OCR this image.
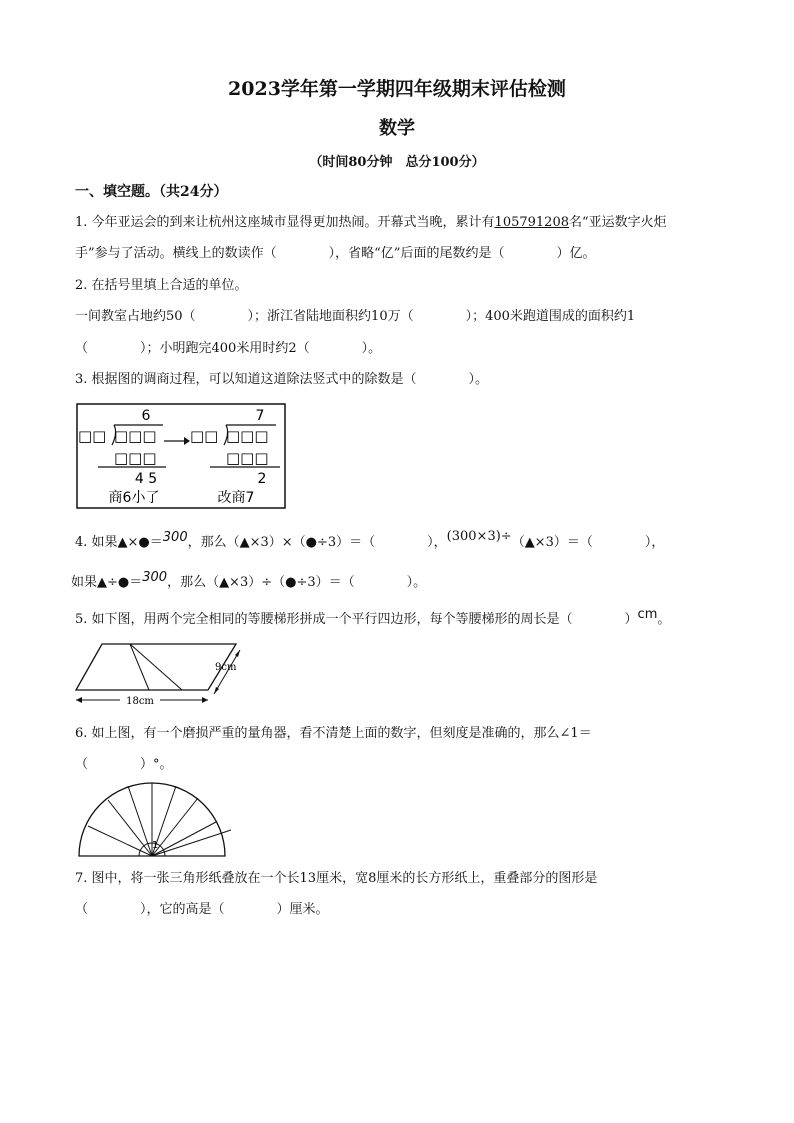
2023学年第一学期四年级期末评估检测
数学
（时间80分钟　总分100分）
一、填空题。（共24分）
1. 今年亚运会的到来让杭州这座城市显得更加热闹。开幕式当晚，累计有105791208名“亚运数字火炬
手”参与了活动。横线上的数读作（　　　　），省略“亿”后面的尾数约是（　　　　）亿。
2. 在括号里填上合适的单位。
一间教室占地约50（　　　　）；浙江省陆地面积约10万（　　　　）；400米跑道围成的面积约1
（　　　　）；小明跑完400米用时约2（　　　　）。
3. 根据图的调商过程，可以知道这道除法竖式中的除数是（　　　　）。
6
□□ □□□
□□□
4 5
7
□□ □□□
□□□
2
商6小了	改商7
4. 如果▲×●＝300，那么（▲×3）×（●÷3）＝（　　　　），(300×3)÷（▲×3）＝（　　　　），
如果▲÷●＝300，那么（▲×3）÷（●÷3）＝（　　　　）。
5. 如下图，用两个完全相同的等腰梯形拼成一个平行四边形，每个等腰梯形的周长是（　　　　）cm。
9cm
18cm
6. 如上图，有一个磨损严重的量角器，看不清楚上面的数字，但刻度是准确的，那么∠1＝
（　　　　）°。
1
7. 图中，将一张三角形纸叠放在一个长13厘米，宽8厘米的长方形纸上，重叠部分的图形是
（　　　　），它的高是（　　　　）厘米。
